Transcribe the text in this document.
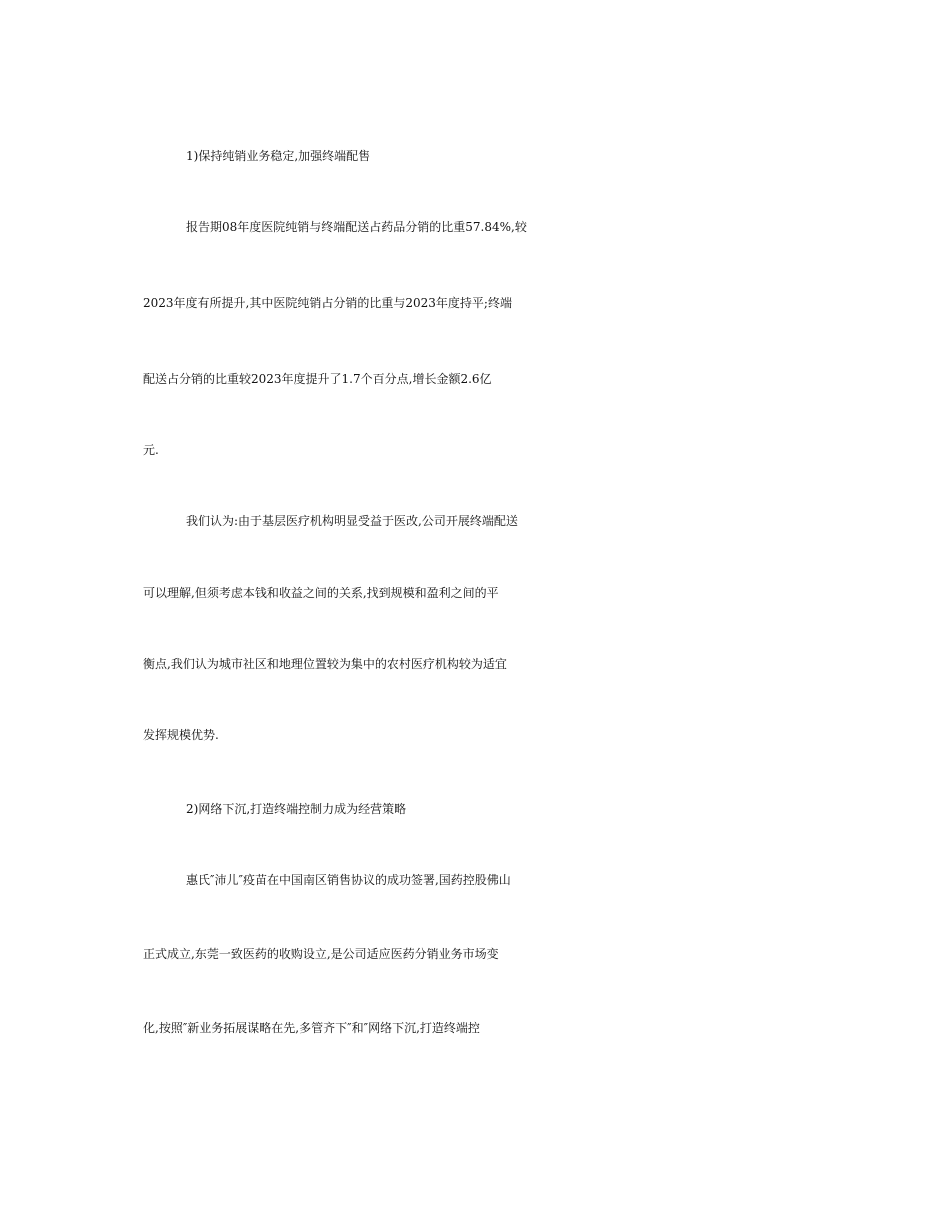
1)保持纯销业务稳定,加强终端配售
报告期08年度医院纯销与终端配送占药品分销的比重57.84%,较
2023年度有所提升,其中医院纯销占分销的比重与2023年度持平;终端
配送占分销的比重较2023年度提升了1.7个百分点,增长金额2.6亿
元.
我们认为:由于基层医疗机构明显受益于医改,公司开展终端配送
可以理解,但须考虑本钱和收益之间的关系,找到规模和盈利之间的平
衡点,我们认为城市社区和地理位置较为集中的农村医疗机构较为适宜
发挥规模优势.
2)网络下沉,打造终端控制力成为经营策略
惠氏″沛儿″疫苗在中国南区销售协议的成功签署,国药控股佛山
正式成立,东莞一致医药的收购设立,是公司适应医药分销业务市场变
化,按照″新业务拓展谋略在先,多管齐下″和″网络下沉,打造终端控
